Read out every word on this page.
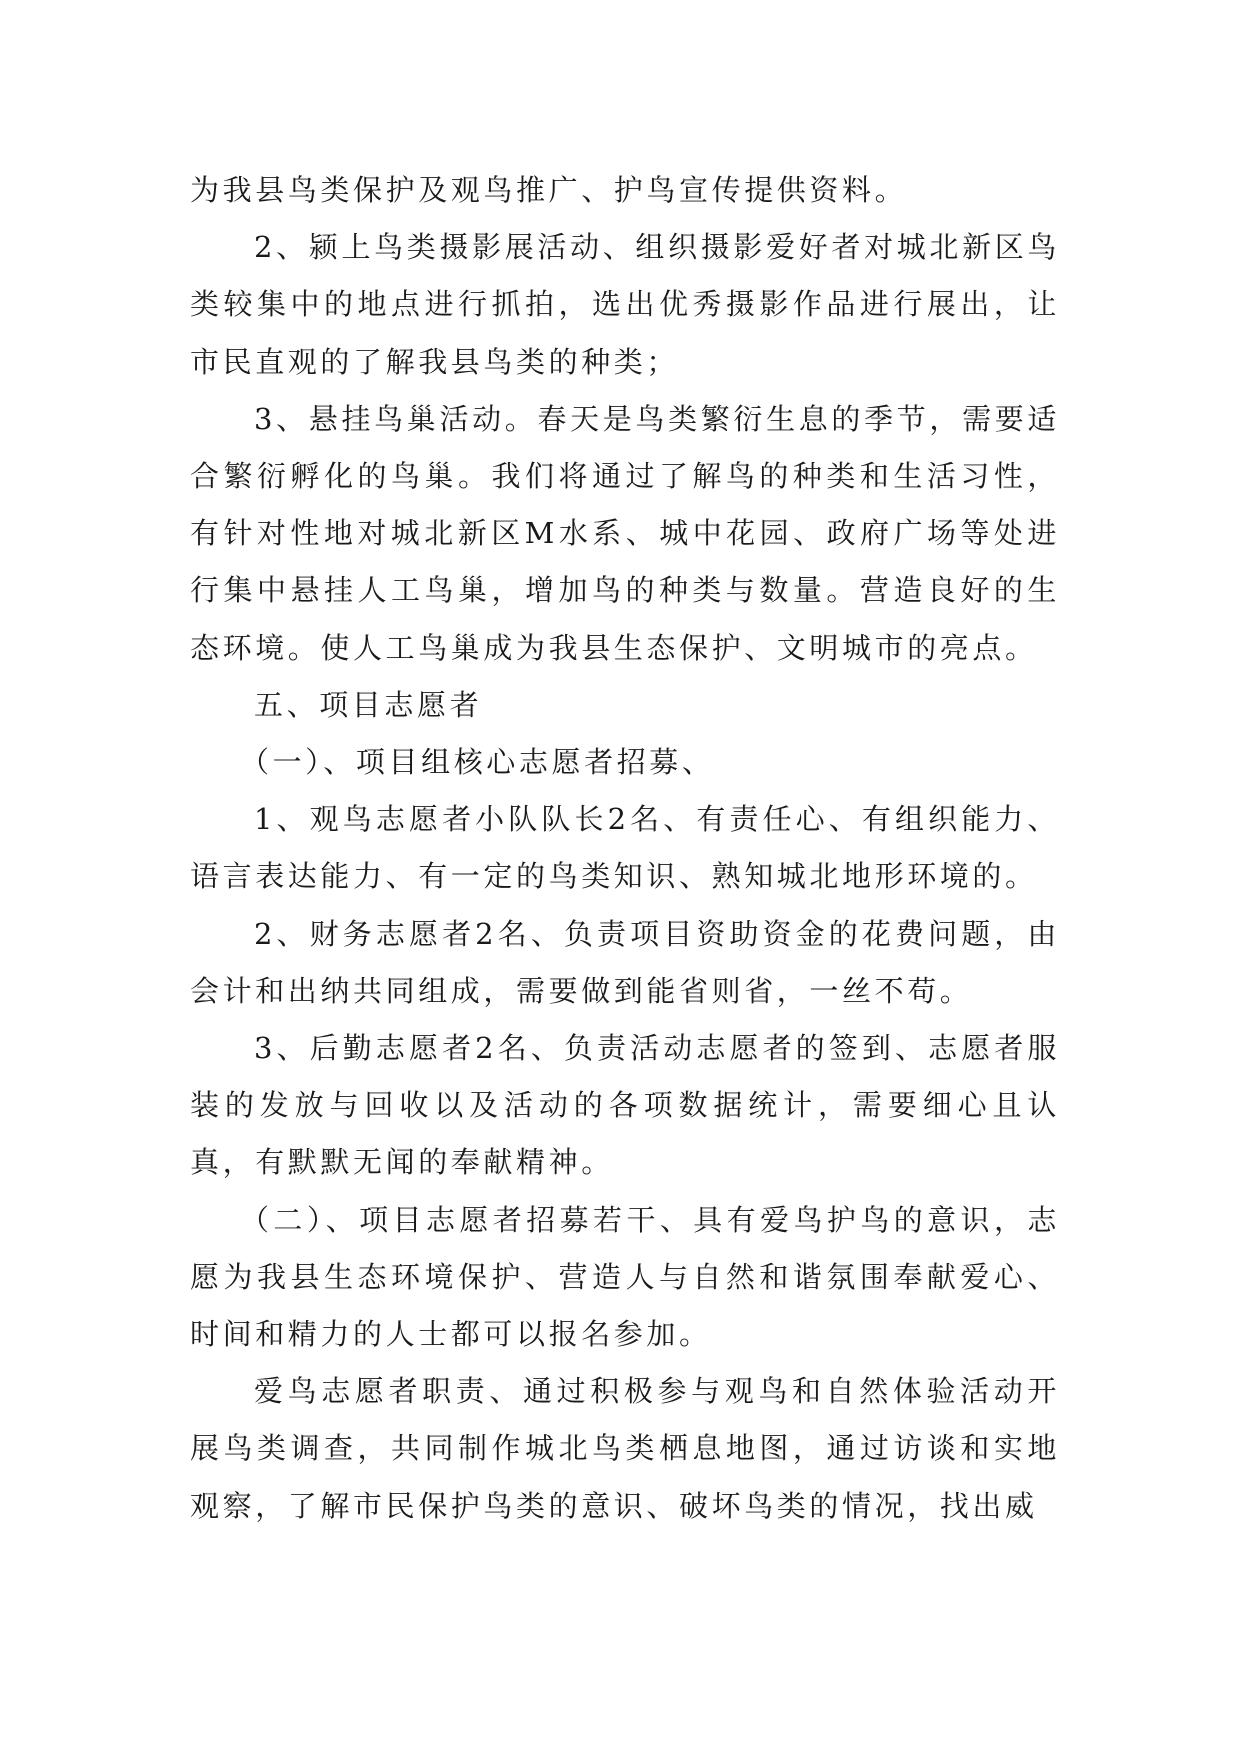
为我县鸟类保护及观鸟推广、护鸟宣传提供资料。

2、颍上鸟类摄影展活动、组织摄影爱好者对城北新区鸟类较集中的地点进行抓拍，选出优秀摄影作品进行展出，让市民直观的了解我县鸟类的种类；

3、悬挂鸟巢活动。春天是鸟类繁衍生息的季节，需要适合繁衍孵化的鸟巢。我们将通过了解鸟的种类和生活习性，有针对性地对城北新区M水系、城中花园、政府广场等处进行集中悬挂人工鸟巢，增加鸟的种类与数量。营造良好的生态环境。使人工鸟巢成为我县生态保护、文明城市的亮点。

五、项目志愿者

（一）、项目组核心志愿者招募、

1、观鸟志愿者小队队长2名、有责任心、有组织能力、语言表达能力、有一定的鸟类知识、熟知城北地形环境的。

2、财务志愿者2名、负责项目资助资金的花费问题，由会计和出纳共同组成，需要做到能省则省，一丝不苟。

3、后勤志愿者2名、负责活动志愿者的签到、志愿者服装的发放与回收以及活动的各项数据统计，需要细心且认真，有默默无闻的奉献精神。

（二）、项目志愿者招募若干、具有爱鸟护鸟的意识，志愿为我县生态环境保护、营造人与自然和谐氛围奉献爱心、时间和精力的人士都可以报名参加。

爱鸟志愿者职责、通过积极参与观鸟和自然体验活动开展鸟类调查，共同制作城北鸟类栖息地图，通过访谈和实地观察，了解市民保护鸟类的意识、破坏鸟类的情况，找出威
